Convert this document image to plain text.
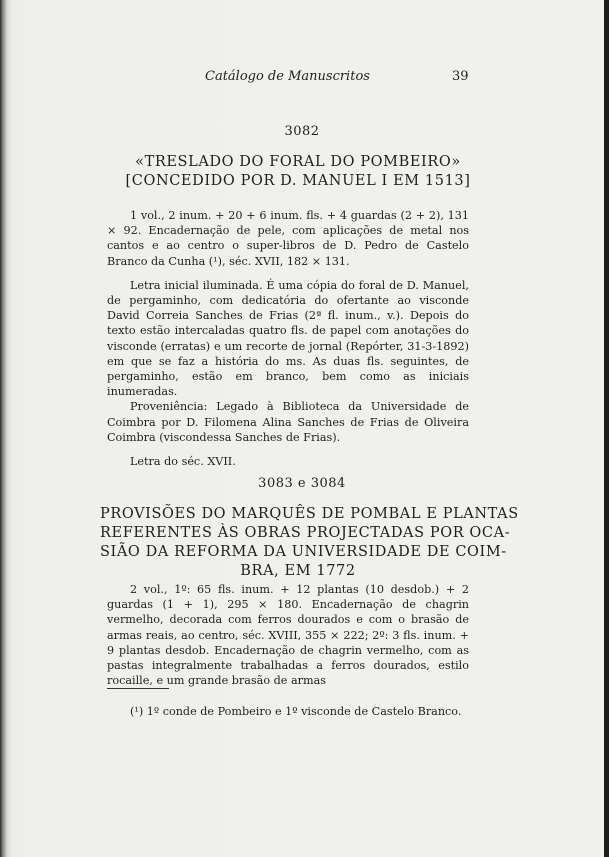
Catálogo de Manuscritos	39
3082
«TRESLADO DO FORAL DO POMBEIRO»
[CONCEDIDO POR D. MANUEL I EM 1513]

1 vol., 2 inum. + 20 + 6 inum. fls. + 4 guardas (2 + 2), 131 × 92. Encadernação de pele, com aplicações de metal nos cantos e ao centro o super-libros de D. Pedro de Castelo Branco da Cunha (¹), séc. XVII, 182 × 131.

Letra inicial iluminada. É uma cópia do foral de D. Manuel, de pergaminho, com dedicatória do ofertante ao visconde David Correia Sanches de Frias (2ª fl. inum., v.). Depois do texto estão intercaladas quatro fls. de papel com anotações do visconde (erratas) e um recorte de jornal (Repórter, 31-3-1892) em que se faz a história do ms. As duas fls. seguintes, de pergaminho, estão em branco, bem como as iniciais inumeradas.

Proveniência: Legado à Biblioteca da Universidade de Coimbra por D. Filomena Alina Sanches de Frias de Oliveira Coimbra (viscondessa Sanches de Frias).

Letra do séc. XVII.

3083 e 3084
PROVISÕES DO MARQUÊS DE POMBAL E PLANTAS
REFERENTES ÀS OBRAS PROJECTADAS POR OCA-
SIÃO DA REFORMA DA UNIVERSIDADE DE COIM-
BRA, EM 1772

2 vol., 1º: 65 fls. inum. + 12 plantas (10 desdob.) + 2 guardas (1 + 1), 295 × 180. Encadernação de chagrin vermelho, decorada com ferros dourados e com o brasão de armas reais, ao centro, séc. XVIII, 355 × 222; 2º: 3 fls. inum. + 9 plantas desdob. Encadernação de chagrin vermelho, com as pastas integralmente trabalhadas a ferros dourados, estilo rocaille, e um grande brasão de armas

(¹) 1º conde de Pombeiro e 1º visconde de Castelo Branco.
